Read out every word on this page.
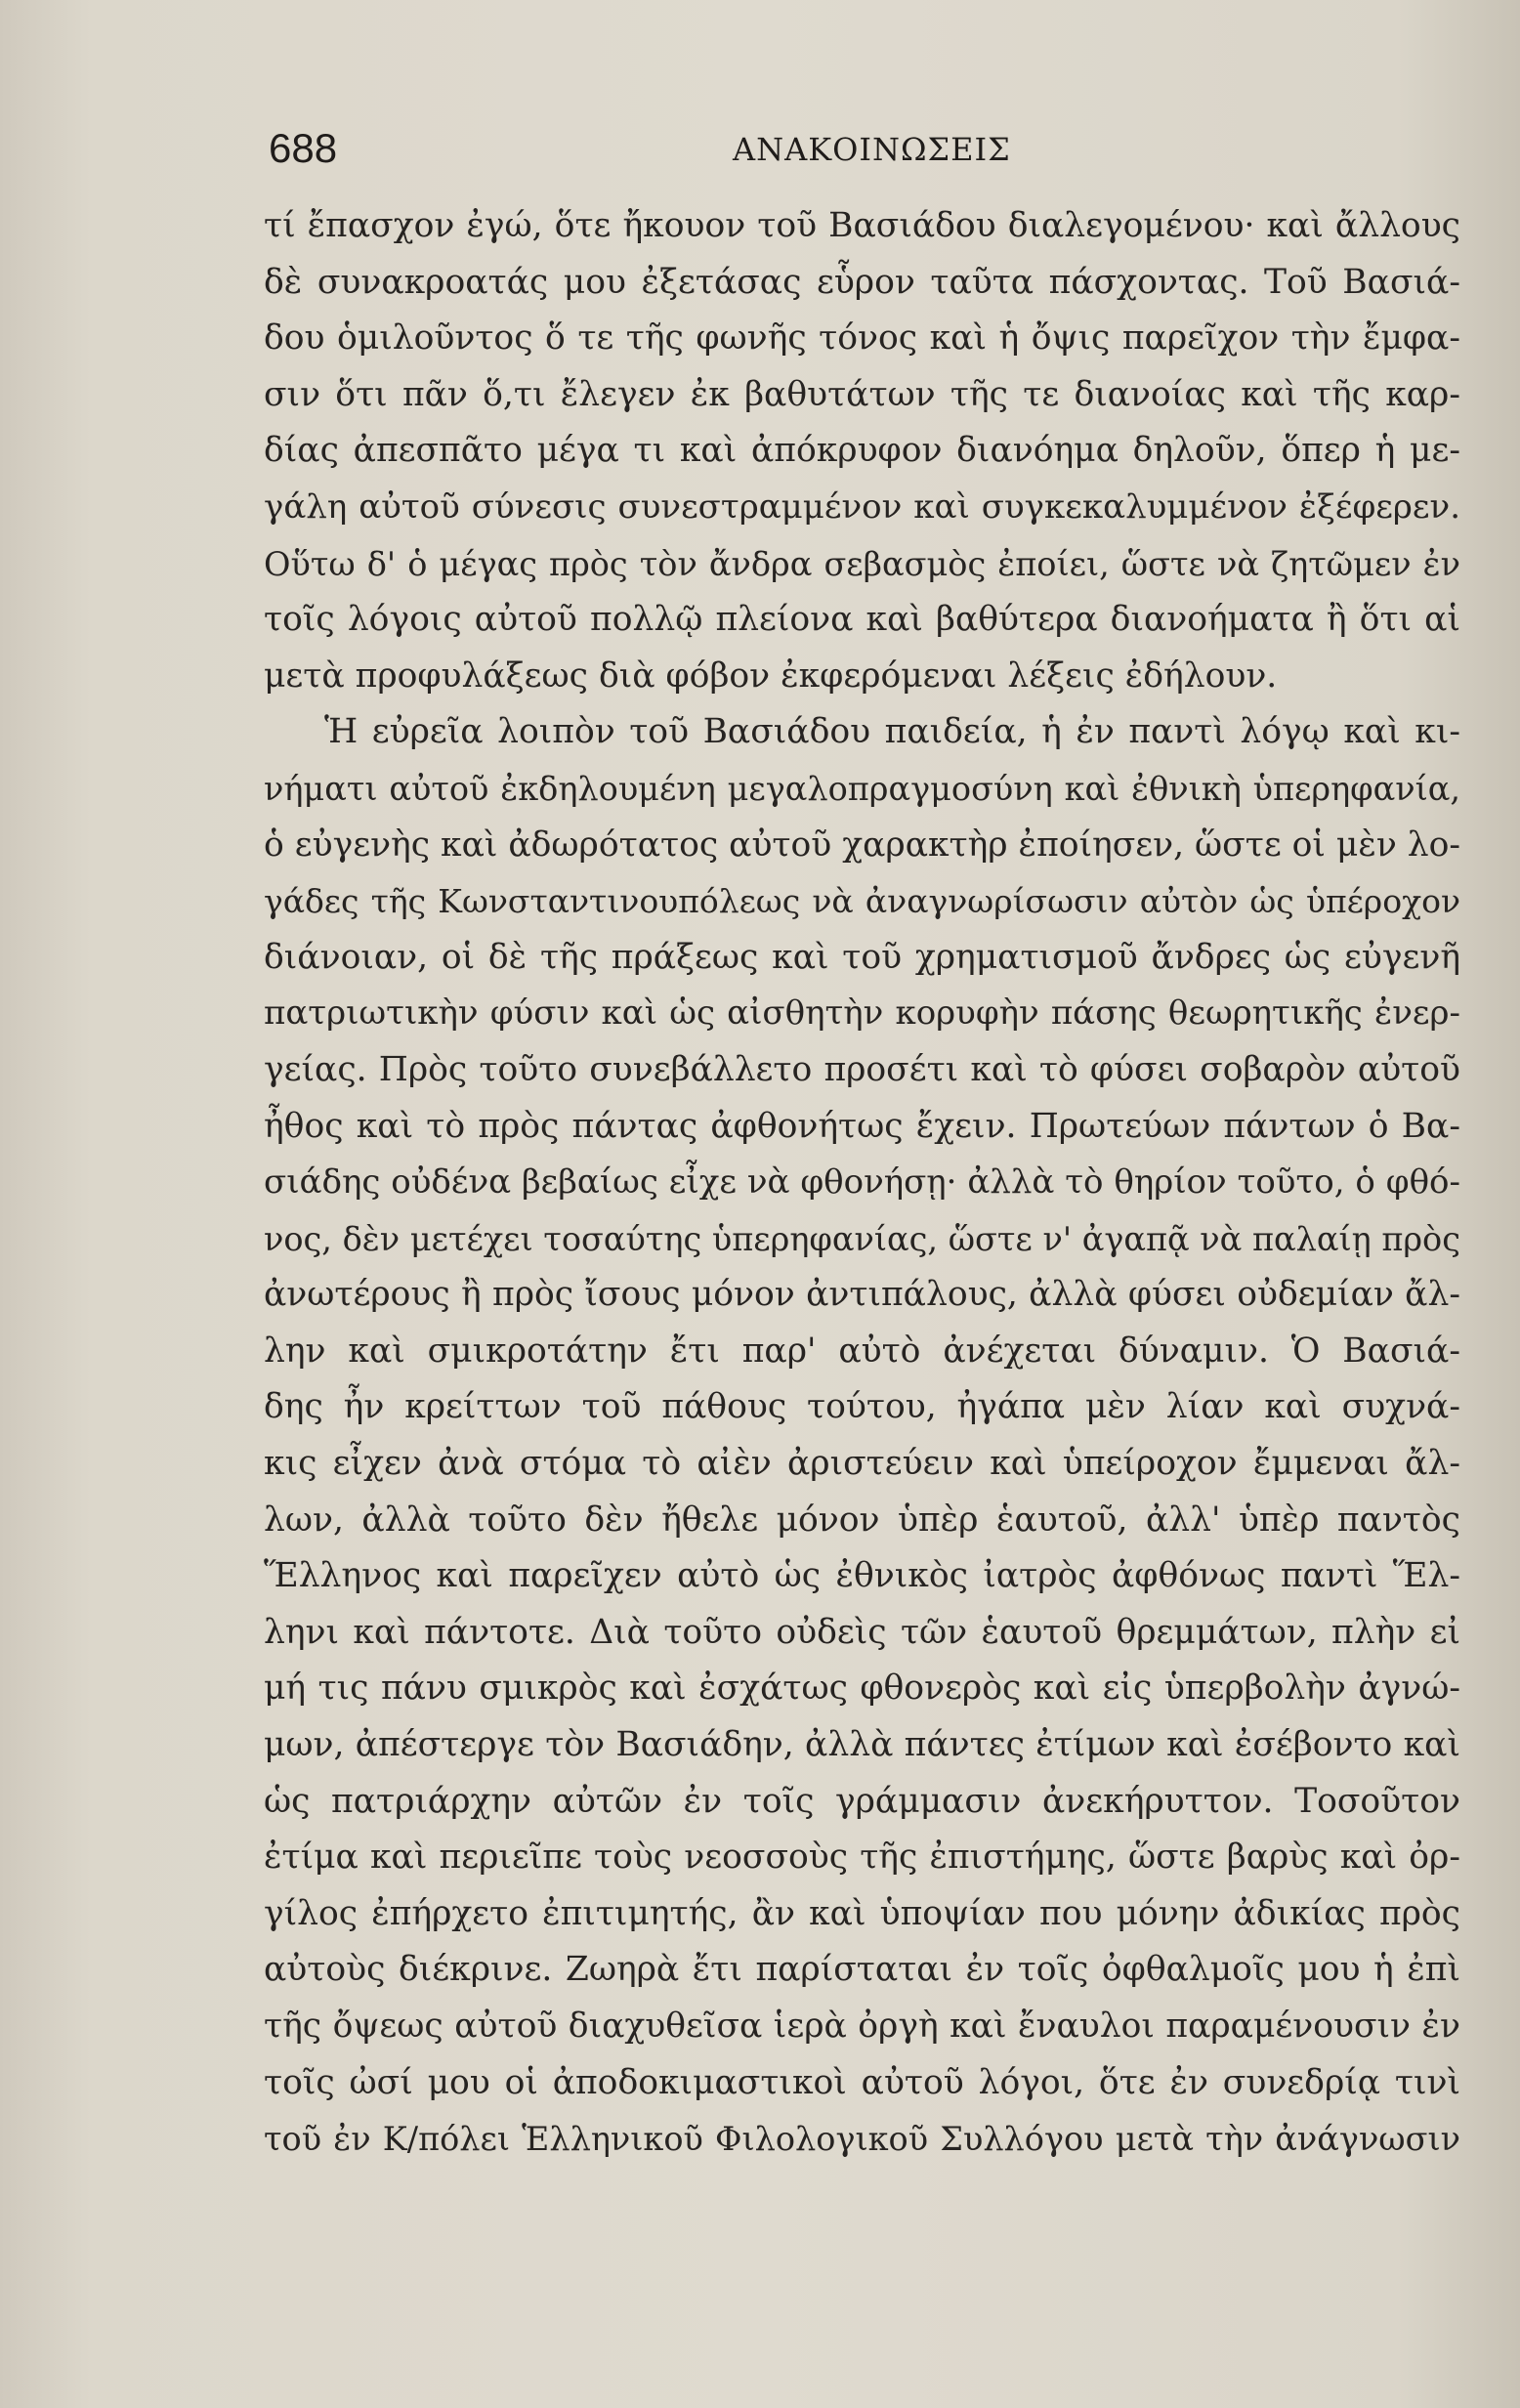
688	ΑΝΑΚΟΙΝΩΣΕΙΣ
τί ἔπασχον ἐγώ, ὅτε ἤκουον τοῦ Βασιάδου διαλεγομένου· καὶ ἄλλους
δὲ συνακροατάς μου ἐξετάσας εὗρον ταῦτα πάσχοντας. Τοῦ Βασιά-
δου ὁμιλοῦντος ὅ τε τῆς φωνῆς τόνος καὶ ἡ ὄψις παρεῖχον τὴν ἔμφα-
σιν ὅτι πᾶν ὅ,τι ἔλεγεν ἐκ βαθυτάτων τῆς τε διανοίας καὶ τῆς καρ-
δίας ἀπεσπᾶτο μέγα τι καὶ ἀπόκρυφον διανόημα δηλοῦν, ὅπερ ἡ με-
γάλη αὐτοῦ σύνεσις συνεστραμμένον καὶ συγκεκαλυμμένον ἐξέφερεν.
Οὕτω δ' ὁ μέγας πρὸς τὸν ἄνδρα σεβασμὸς ἐποίει, ὥστε νὰ ζητῶμεν ἐν
τοῖς λόγοις αὐτοῦ πολλῷ πλείονα καὶ βαθύτερα διανοήματα ἢ ὅτι αἱ
μετὰ προφυλάξεως διὰ φόβον ἐκφερόμεναι λέξεις ἐδήλουν.
Ἡ εὐρεῖα λοιπὸν τοῦ Βασιάδου παιδεία, ἡ ἐν παντὶ λόγῳ καὶ κι-
νήματι αὐτοῦ ἐκδηλουμένη μεγαλοπραγμοσύνη καὶ ἐθνικὴ ὑπερηφανία,
ὁ εὐγενὴς καὶ ἀδωρότατος αὐτοῦ χαρακτὴρ ἐποίησεν, ὥστε οἱ μὲν λο-
γάδες τῆς Κωνσταντινουπόλεως νὰ ἀναγνωρίσωσιν αὐτὸν ὡς ὑπέροχον
διάνοιαν, οἱ δὲ τῆς πράξεως καὶ τοῦ χρηματισμοῦ ἄνδρες ὡς εὐγενῆ
πατριωτικὴν φύσιν καὶ ὡς αἰσθητὴν κορυφὴν πάσης θεωρητικῆς ἐνερ-
γείας. Πρὸς τοῦτο συνεβάλλετο προσέτι καὶ τὸ φύσει σοβαρὸν αὐτοῦ
ἦθος καὶ τὸ πρὸς πάντας ἀφθονήτως ἔχειν. Πρωτεύων πάντων ὁ Βα-
σιάδης οὐδένα βεβαίως εἶχε νὰ φθονήσῃ· ἀλλὰ τὸ θηρίον τοῦτο, ὁ φθό-
νος, δὲν μετέχει τοσαύτης ὑπερηφανίας, ὥστε ν' ἀγαπᾷ νὰ παλαίῃ πρὸς
ἀνωτέρους ἢ πρὸς ἴσους μόνον ἀντιπάλους, ἀλλὰ φύσει οὐδεμίαν ἄλ-
λην καὶ σμικροτάτην ἔτι παρ' αὐτὸ ἀνέχεται δύναμιν. Ὁ Βασιά-
δης ἦν κρείττων τοῦ πάθους τούτου, ἠγάπα μὲν λίαν καὶ συχνά-
κις εἶχεν ἀνὰ στόμα τὸ αἰὲν ἀριστεύειν καὶ ὑπείροχον ἔμμεναι ἄλ-
λων, ἀλλὰ τοῦτο δὲν ἤθελε μόνον ὑπὲρ ἑαυτοῦ, ἀλλ' ὑπὲρ παντὸς
Ἕλληνος καὶ παρεῖχεν αὐτὸ ὡς ἐθνικὸς ἰατρὸς ἀφθόνως παντὶ Ἕλ-
ληνι καὶ πάντοτε. Διὰ τοῦτο οὐδεὶς τῶν ἑαυτοῦ θρεμμάτων, πλὴν εἰ
μή τις πάνυ σμικρὸς καὶ ἐσχάτως φθονερὸς καὶ εἰς ὑπερβολὴν ἀγνώ-
μων, ἀπέστεργε τὸν Βασιάδην, ἀλλὰ πάντες ἐτίμων καὶ ἐσέβοντο καὶ
ὡς πατριάρχην αὐτῶν ἐν τοῖς γράμμασιν ἀνεκήρυττον. Τοσοῦτον
ἐτίμα καὶ περιεῖπε τοὺς νεοσσοὺς τῆς ἐπιστήμης, ὥστε βαρὺς καὶ ὀρ-
γίλος ἐπήρχετο ἐπιτιμητής, ἂν καὶ ὑποψίαν που μόνην ἀδικίας πρὸς
αὐτοὺς διέκρινε. Ζωηρὰ ἔτι παρίσταται ἐν τοῖς ὀφθαλμοῖς μου ἡ ἐπὶ
τῆς ὄψεως αὐτοῦ διαχυθεῖσα ἱερὰ ὀργὴ καὶ ἔναυλοι παραμένουσιν ἐν
τοῖς ὠσί μου οἱ ἀποδοκιμαστικοὶ αὐτοῦ λόγοι, ὅτε ἐν συνεδρίᾳ τινὶ
τοῦ ἐν Κ/πόλει Ἑλληνικοῦ Φιλολογικοῦ Συλλόγου μετὰ τὴν ἀνάγνωσιν
